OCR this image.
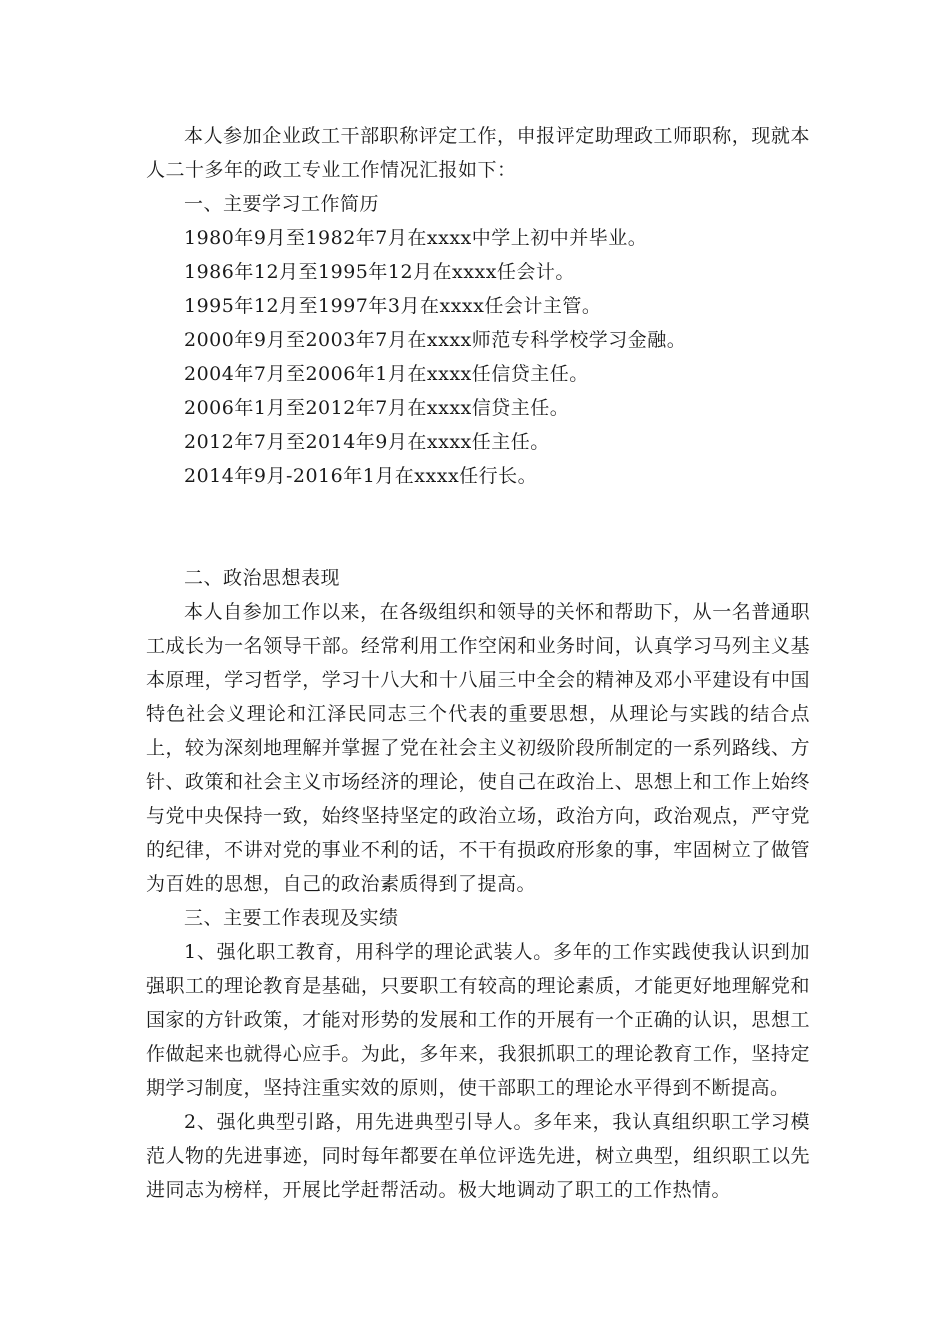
本人参加企业政工干部职称评定工作，申报评定助理政工师职称，现就本人二十多年的政工专业工作情况汇报如下：

一、主要学习工作简历

1980年9月至1982年7月在xxxx中学上初中并毕业。

1986年12月至1995年12月在xxxx任会计。

1995年12月至1997年3月在xxxx任会计主管。

2000年9月至2003年7月在xxxx师范专科学校学习金融。

2004年7月至2006年1月在xxxx任信贷主任。

2006年1月至2012年7月在xxxx信贷主任。

2012年7月至2014年9月在xxxx任主任。

2014年9月-2016年1月在xxxx任行长。

二、政治思想表现

本人自参加工作以来，在各级组织和领导的关怀和帮助下，从一名普通职工成长为一名领导干部。经常利用工作空闲和业务时间，认真学习马列主义基本原理，学习哲学，学习十八大和十八届三中全会的精神及邓小平建设有中国特色社会义理论和江泽民同志三个代表的重要思想，从理论与实践的结合点上，较为深刻地理解并掌握了党在社会主义初级阶段所制定的一系列路线、方针、政策和社会主义市场经济的理论，使自己在政治上、思想上和工作上始终与党中央保持一致，始终坚持坚定的政治立场，政治方向，政治观点，严守党的纪律，不讲对党的事业不利的话，不干有损政府形象的事，牢固树立了做管为百姓的思想，自己的政治素质得到了提高。

三、主要工作表现及实绩

1、强化职工教育，用科学的理论武装人。多年的工作实践使我认识到加强职工的理论教育是基础，只要职工有较高的理论素质，才能更好地理解党和国家的方针政策，才能对形势的发展和工作的开展有一个正确的认识，思想工作做起来也就得心应手。为此，多年来，我狠抓职工的理论教育工作，坚持定期学习制度，坚持注重实效的原则，使干部职工的理论水平得到不断提高。

2、强化典型引路，用先进典型引导人。多年来，我认真组织职工学习模范人物的先进事迹，同时每年都要在单位评选先进，树立典型，组织职工以先进同志为榜样，开展比学赶帮活动。极大地调动了职工的工作热情。
